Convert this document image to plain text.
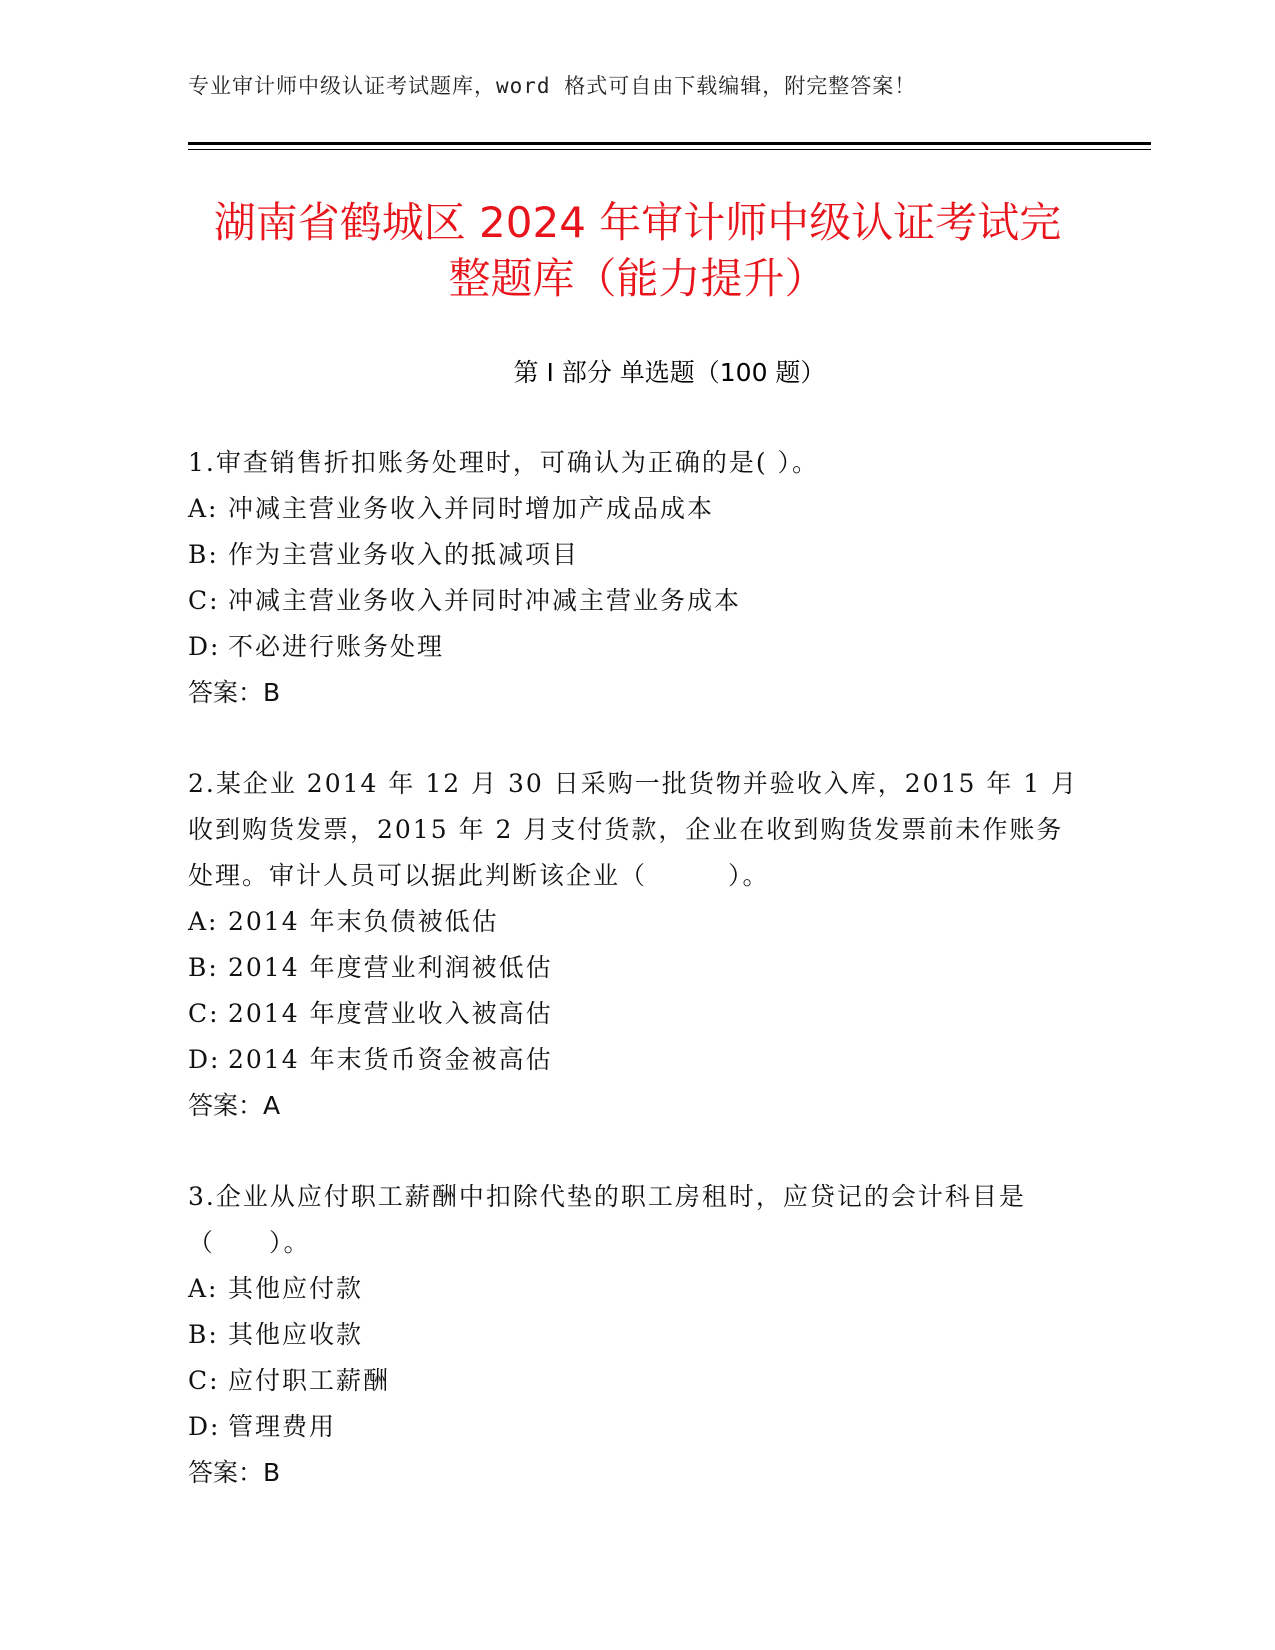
专业审计师中级认证考试题库，word 格式可自由下载编辑，附完整答案！
湖南省鹤城区 2024 年审计师中级认证考试完
整题库（能力提升）
第 I 部分 单选题（100 题）
1.审查销售折扣账务处理时，可确认为正确的是( ）。
A: 冲减主营业务收入并同时增加产成品成本
B: 作为主营业务收入的抵减项目
C: 冲减主营业务收入并同时冲减主营业务成本
D: 不必进行账务处理
答案：B
2.某企业 2014 年 12 月 30 日采购一批货物并验收入库，2015 年 1 月收到购货发票，2015 年 2 月支付货款，企业在收到购货发票前未作账务处理。审计人员可以据此判断该企业（　　　）。
A: 2014 年末负债被低估
B: 2014 年度营业利润被低估
C: 2014 年度营业收入被高估
D: 2014 年末货币资金被高估
答案：A
3.企业从应付职工薪酬中扣除代垫的职工房租时，应贷记的会计科目是（　　）。
A: 其他应付款
B: 其他应收款
C: 应付职工薪酬
D: 管理费用
答案：B
